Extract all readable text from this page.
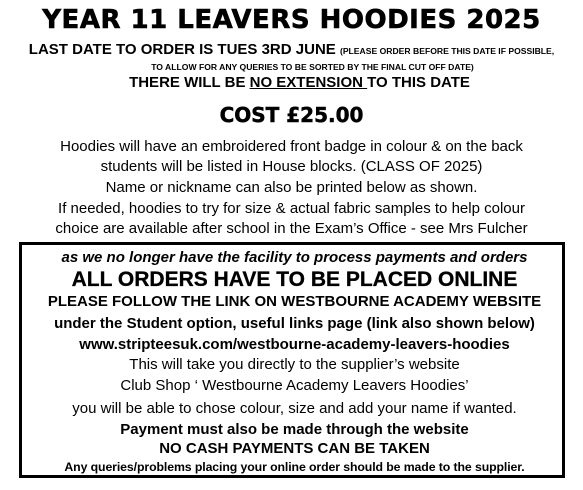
YEAR 11 LEAVERS HOODIES 2025
LAST DATE TO ORDER IS TUES 3RD JUNE (PLEASE ORDER BEFORE THIS DATE IF POSSIBLE,
TO ALLOW FOR ANY QUERIES TO BE SORTED BY THE FINAL CUT OFF DATE)
THERE WILL BE NO EXTENSION TO THIS DATE
COST £25.00
Hoodies will have an embroidered front badge in colour & on the back
students will be listed in House blocks. (CLASS OF 2025)
Name or nickname can also be printed below as shown.
If needed, hoodies to try for size & actual fabric samples to help colour
choice are available after school in the Exam’s Office - see Mrs Fulcher
as we no longer have the facility to process payments and orders
ALL ORDERS HAVE TO BE PLACED ONLINE
PLEASE FOLLOW THE LINK ON WESTBOURNE ACADEMY WEBSITE
under the Student option, useful links page (link also shown below)
www.stripteesuk.com/westbourne-academy-leavers-hoodies
This will take you directly to the supplier’s website
Club Shop ‘ Westbourne Academy Leavers Hoodies’
you will be able to chose colour, size and add your name if wanted.
Payment must also be made through the website
NO CASH PAYMENTS CAN BE TAKEN
Any queries/problems placing your online order should be made to the supplier.
